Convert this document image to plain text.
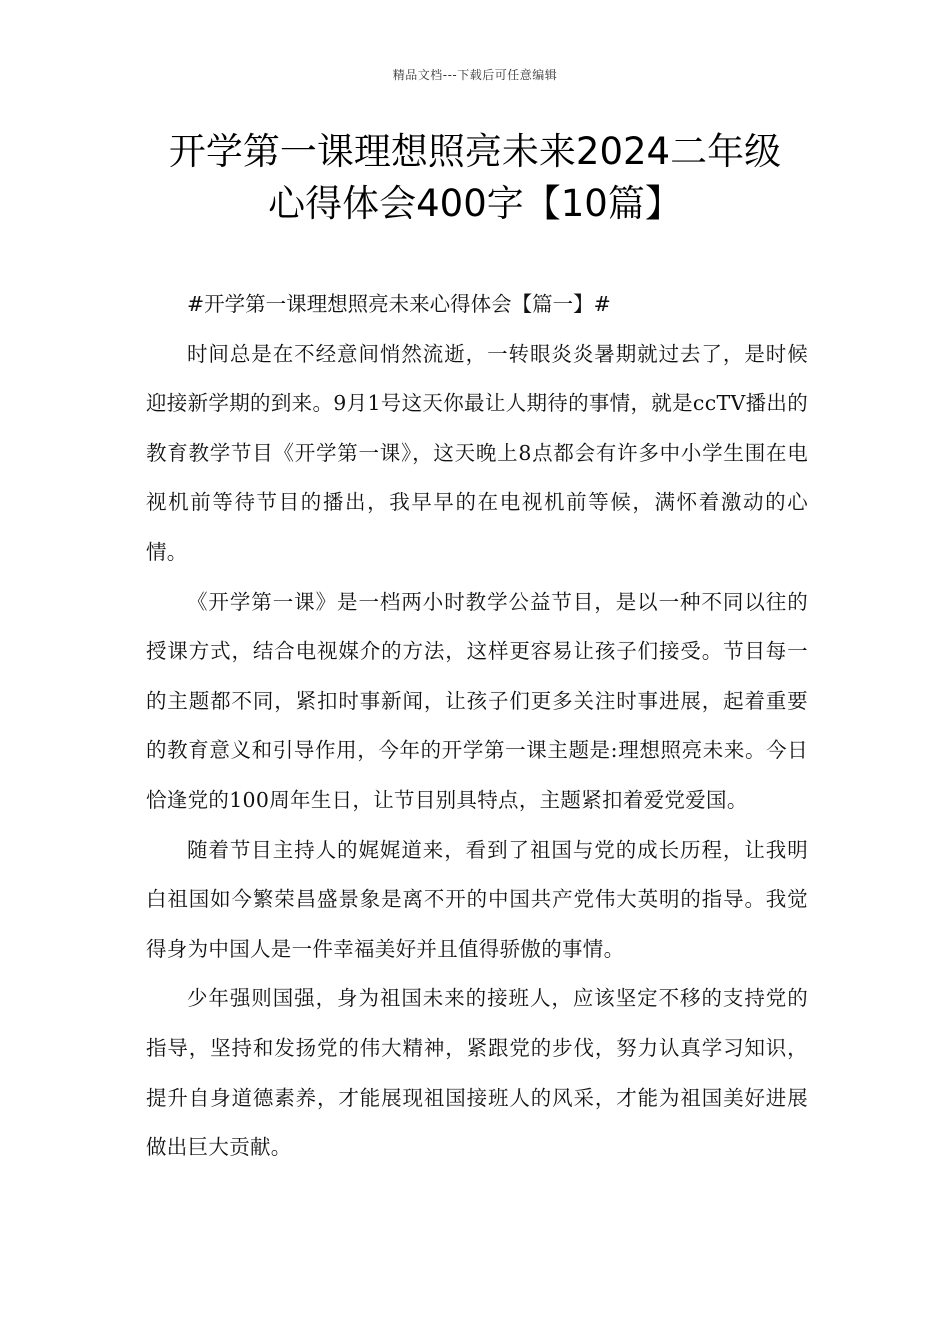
精品文档---下载后可任意编辑
开学第一课理想照亮未来2024二年级
心得体会400字【10篇】

#开学第一课理想照亮未来心得体会【篇一】#

时间总是在不经意间悄然流逝，一转眼炎炎暑期就过去了，是时候迎接新学期的到来。9月1号这天你最让人期待的事情，就是ccTV播出的教育教学节目《开学第一课》，这天晚上8点都会有许多中小学生围在电视机前等待节目的播出，我早早的在电视机前等候，满怀着激动的心情。

《开学第一课》是一档两小时教学公益节目，是以一种不同以往的授课方式，结合电视媒介的方法，这样更容易让孩子们接受。节目每一的主题都不同，紧扣时事新闻，让孩子们更多关注时事进展，起着重要的教育意义和引导作用，今年的开学第一课主题是:理想照亮未来。今日恰逢党的100周年生日，让节目别具特点，主题紧扣着爱党爱国。

随着节目主持人的娓娓道来，看到了祖国与党的成长历程，让我明白祖国如今繁荣昌盛景象是离不开的中国共产党伟大英明的指导。我觉得身为中国人是一件幸福美好并且值得骄傲的事情。

少年强则国强，身为祖国未来的接班人，应该坚定不移的支持党的指导，坚持和发扬党的伟大精神，紧跟党的步伐，努力认真学习知识，提升自身道德素养，才能展现祖国接班人的风采，才能为祖国美好进展做出巨大贡献。
